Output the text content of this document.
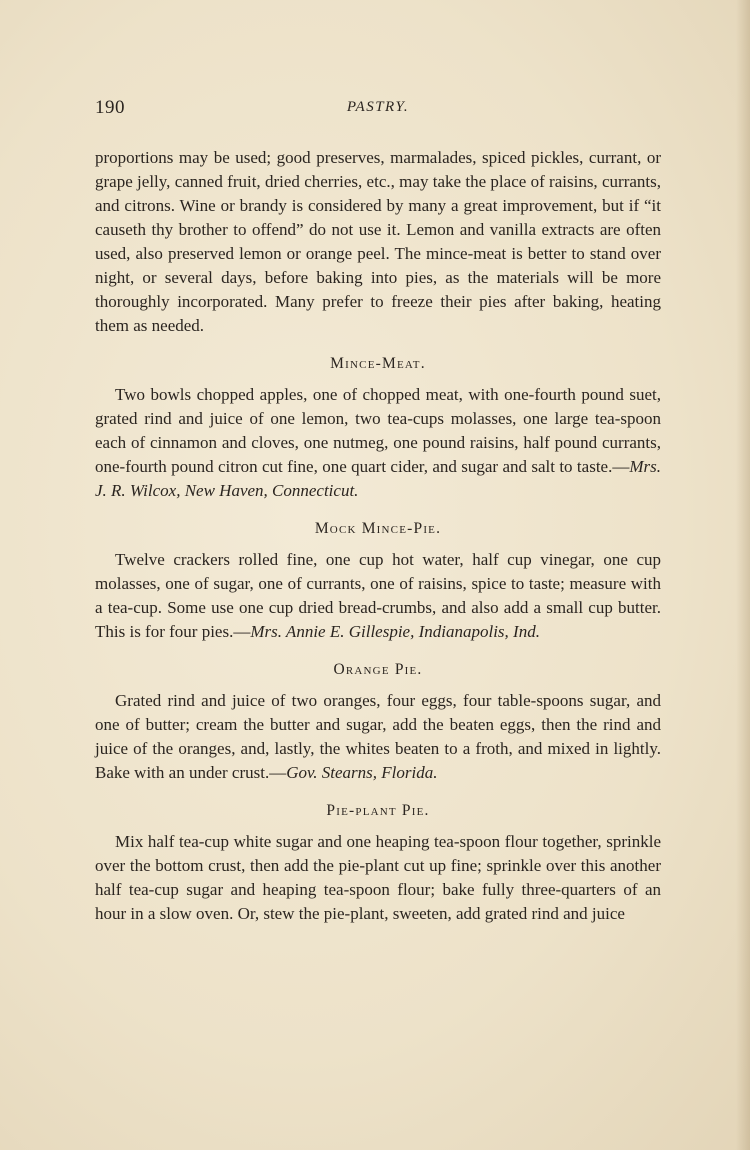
190	PASTRY.

proportions may be used; good preserves, marmalades, spiced pickles, currant, or grape jelly, canned fruit, dried cherries, etc., may take the place of raisins, currants, and citrons. Wine or brandy is considered by many a great improvement, but if “it causeth thy brother to offend” do not use it. Lemon and vanilla extracts are often used, also preserved lemon or orange peel. The mince-meat is better to stand over night, or several days, before baking into pies, as the materials will be more thoroughly incorporated. Many prefer to freeze their pies after baking, heating them as needed.

Mince-Meat.

Two bowls chopped apples, one of chopped meat, with one-fourth pound suet, grated rind and juice of one lemon, two tea-cups molasses, one large tea-spoon each of cinnamon and cloves, one nutmeg, one pound raisins, half pound currants, one-fourth pound citron cut fine, one quart cider, and sugar and salt to taste.—Mrs. J. R. Wilcox, New Haven, Connecticut.

Mock Mince-Pie.

Twelve crackers rolled fine, one cup hot water, half cup vinegar, one cup molasses, one of sugar, one of currants, one of raisins, spice to taste; measure with a tea-cup. Some use one cup dried bread-crumbs, and also add a small cup butter. This is for four pies.—Mrs. Annie E. Gillespie, Indianapolis, Ind.

Orange Pie.

Grated rind and juice of two oranges, four eggs, four table-spoons sugar, and one of butter; cream the butter and sugar, add the beaten eggs, then the rind and juice of the oranges, and, lastly, the whites beaten to a froth, and mixed in lightly. Bake with an under crust.—Gov. Stearns, Florida.

Pie-plant Pie.

Mix half tea-cup white sugar and one heaping tea-spoon flour together, sprinkle over the bottom crust, then add the pie-plant cut up fine; sprinkle over this another half tea-cup sugar and heaping tea-spoon flour; bake fully three-quarters of an hour in a slow oven. Or, stew the pie-plant, sweeten, add grated rind and juice
